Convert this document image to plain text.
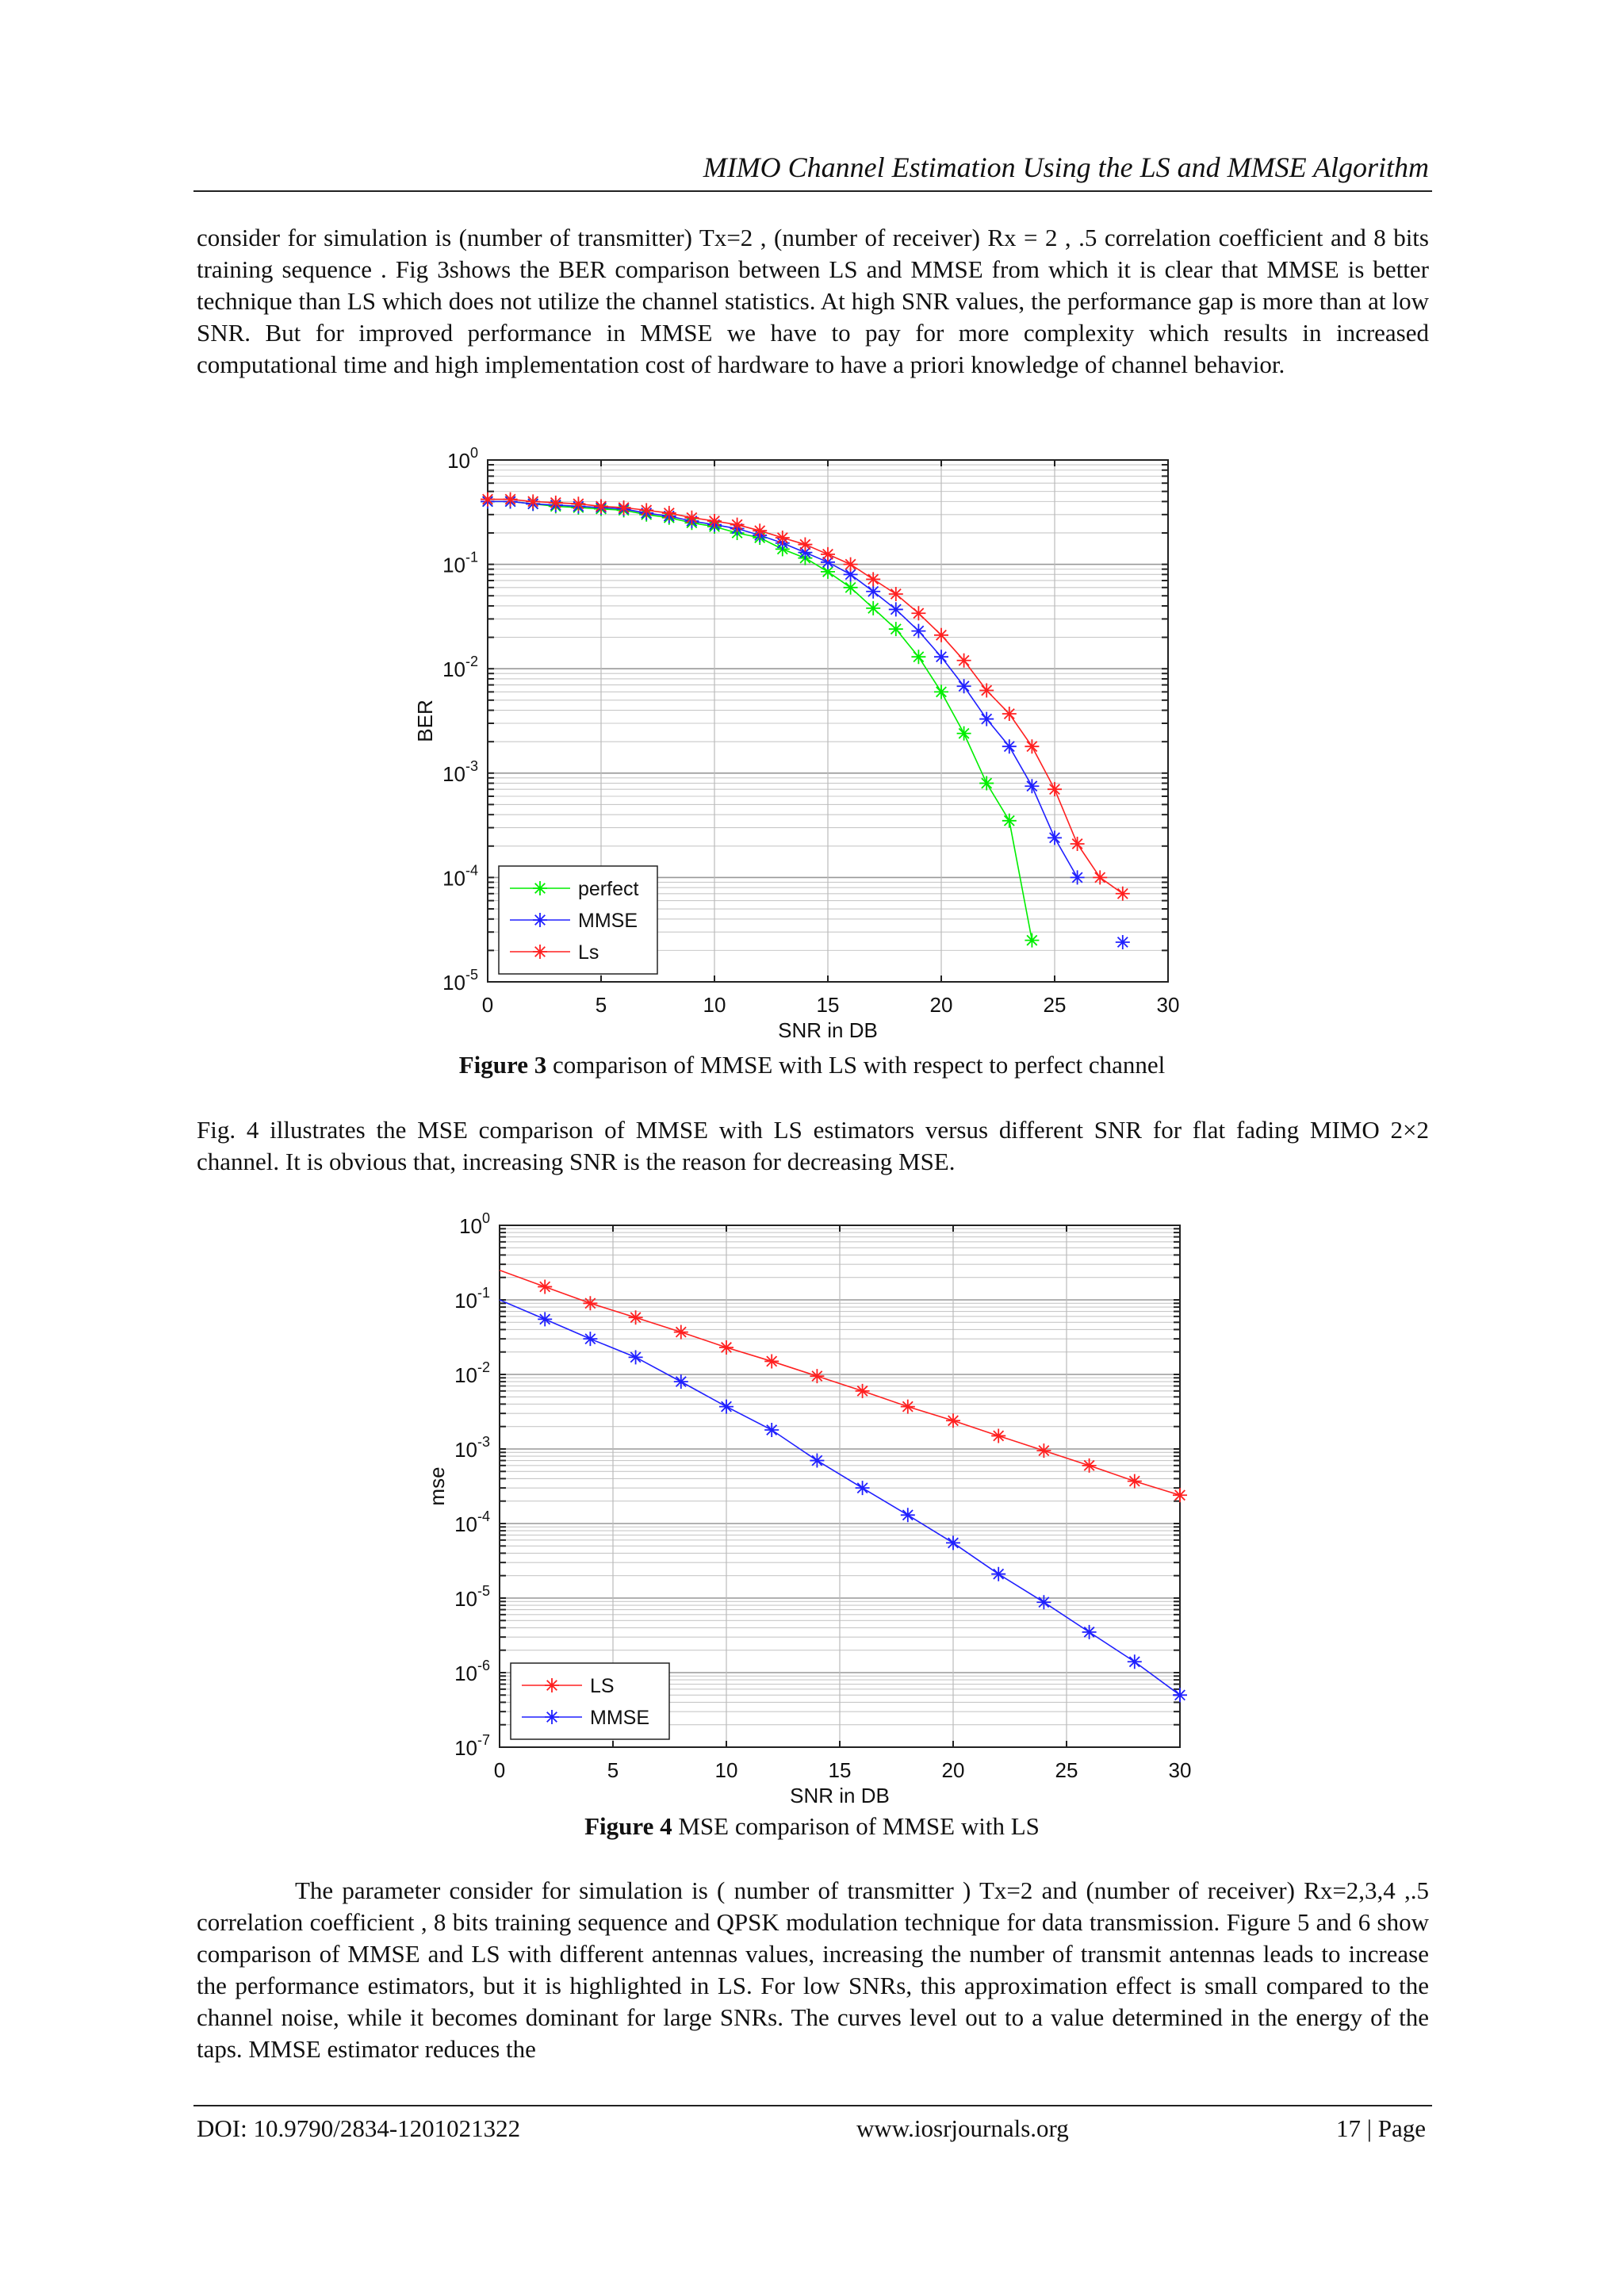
MIMO Channel Estimation Using the LS and MMSE Algorithm
consider for simulation is (number of transmitter) Tx=2 , (number of receiver) Rx = 2 , .5 correlation coefficient and 8 bits training sequence . Fig 3shows the BER comparison between LS and MMSE from which it is clear that MMSE is better technique than LS which does not utilize the channel statistics. At high SNR values, the performance gap is more than at low SNR. But for improved performance in MMSE we have to pay for more complexity which results in increased computational time and high implementation cost of hardware to have a priori knowledge of channel behavior.
0	5	10	15	20	25	30
$10^0$
$10^{-1}$
$10^{-2}$
$10^{-3}$
$10^{-4}$
$10^{-5}$
SNR in DB
BER
perfect
MMSE
Ls
Figure 3 comparison of MMSE with LS with respect to perfect channel
Fig. 4 illustrates the MSE comparison of MMSE with LS estimators versus different SNR for flat fading MIMO 2×2 channel. It is obvious that, increasing SNR is the reason for decreasing MSE.
0	5	10	15	20	25	30
$10^0$
$10^{-1}$
$10^{-2}$
$10^{-3}$
$10^{-4}$
$10^{-5}$
$10^{-6}$
$10^{-7}$
SNR in DB
mse
LS
MMSE
Figure 4 MSE comparison of MMSE with LS
The parameter consider for simulation is ( number of transmitter ) Tx=2 and (number of receiver) Rx=2,3,4 ,.5 correlation coefficient , 8 bits training sequence and QPSK modulation technique for data transmission. Figure 5 and 6 show comparison of MMSE and LS with different antennas values, increasing the number of transmit antennas leads to increase the performance estimators, but it is highlighted in LS. For low SNRs, this approximation effect is small compared to the channel noise, while it becomes dominant for large SNRs. The curves level out to a value determined in the energy of the taps. MMSE estimator reduces the
DOI: 10.9790/2834-1201021322	www.iosrjournals.org	17 | Page
